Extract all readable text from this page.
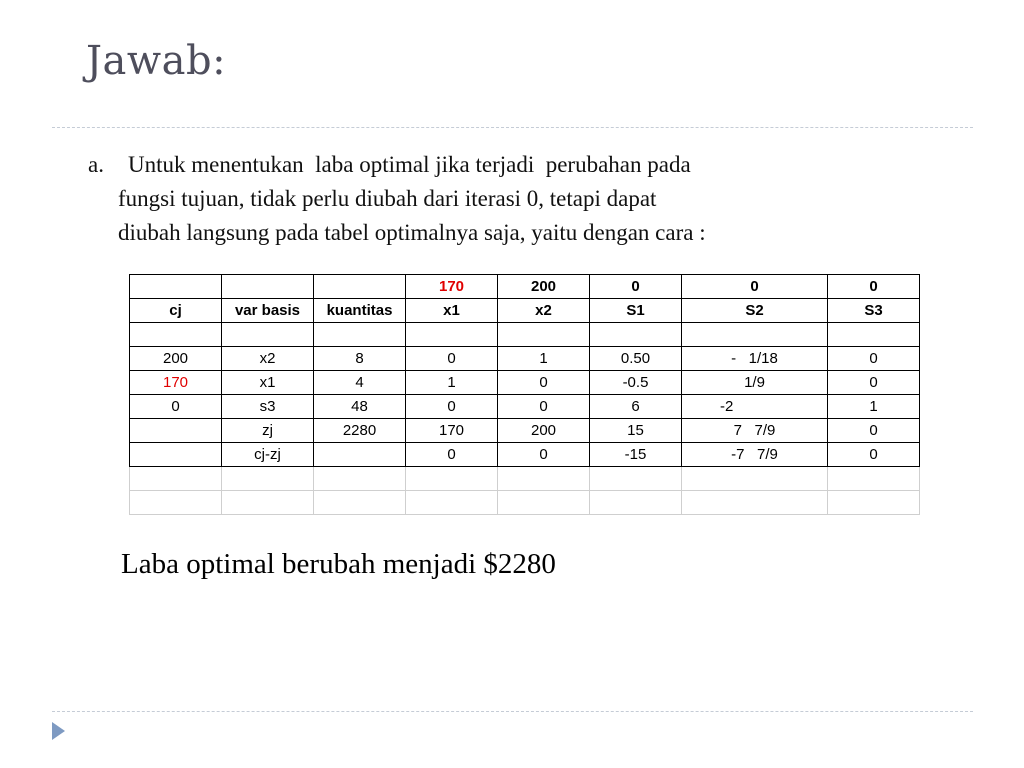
Jawab:
a. Untuk menentukan  laba optimal jika terjadi  perubahan pada
fungsi tujuan, tidak perlu diubah dari iterasi 0, tetapi dapat
diubah langsung pada tabel optimalnya saja, yaitu dengan cara :
			170	200	0	0	0
cj	var basis	kuantitas	x1	x2	S1	S2	S3

200	x2	8	0	1	0.50	-   1/18	0
170	x1	4	1	0	-0.5	1/9	0
0	s3	48	0	0	6	-2	1
	zj	2280	170	200	15	7   7/9	0
	cj-zj		0	0	-15	-7   7/9	0

Laba optimal berubah menjadi $2280
